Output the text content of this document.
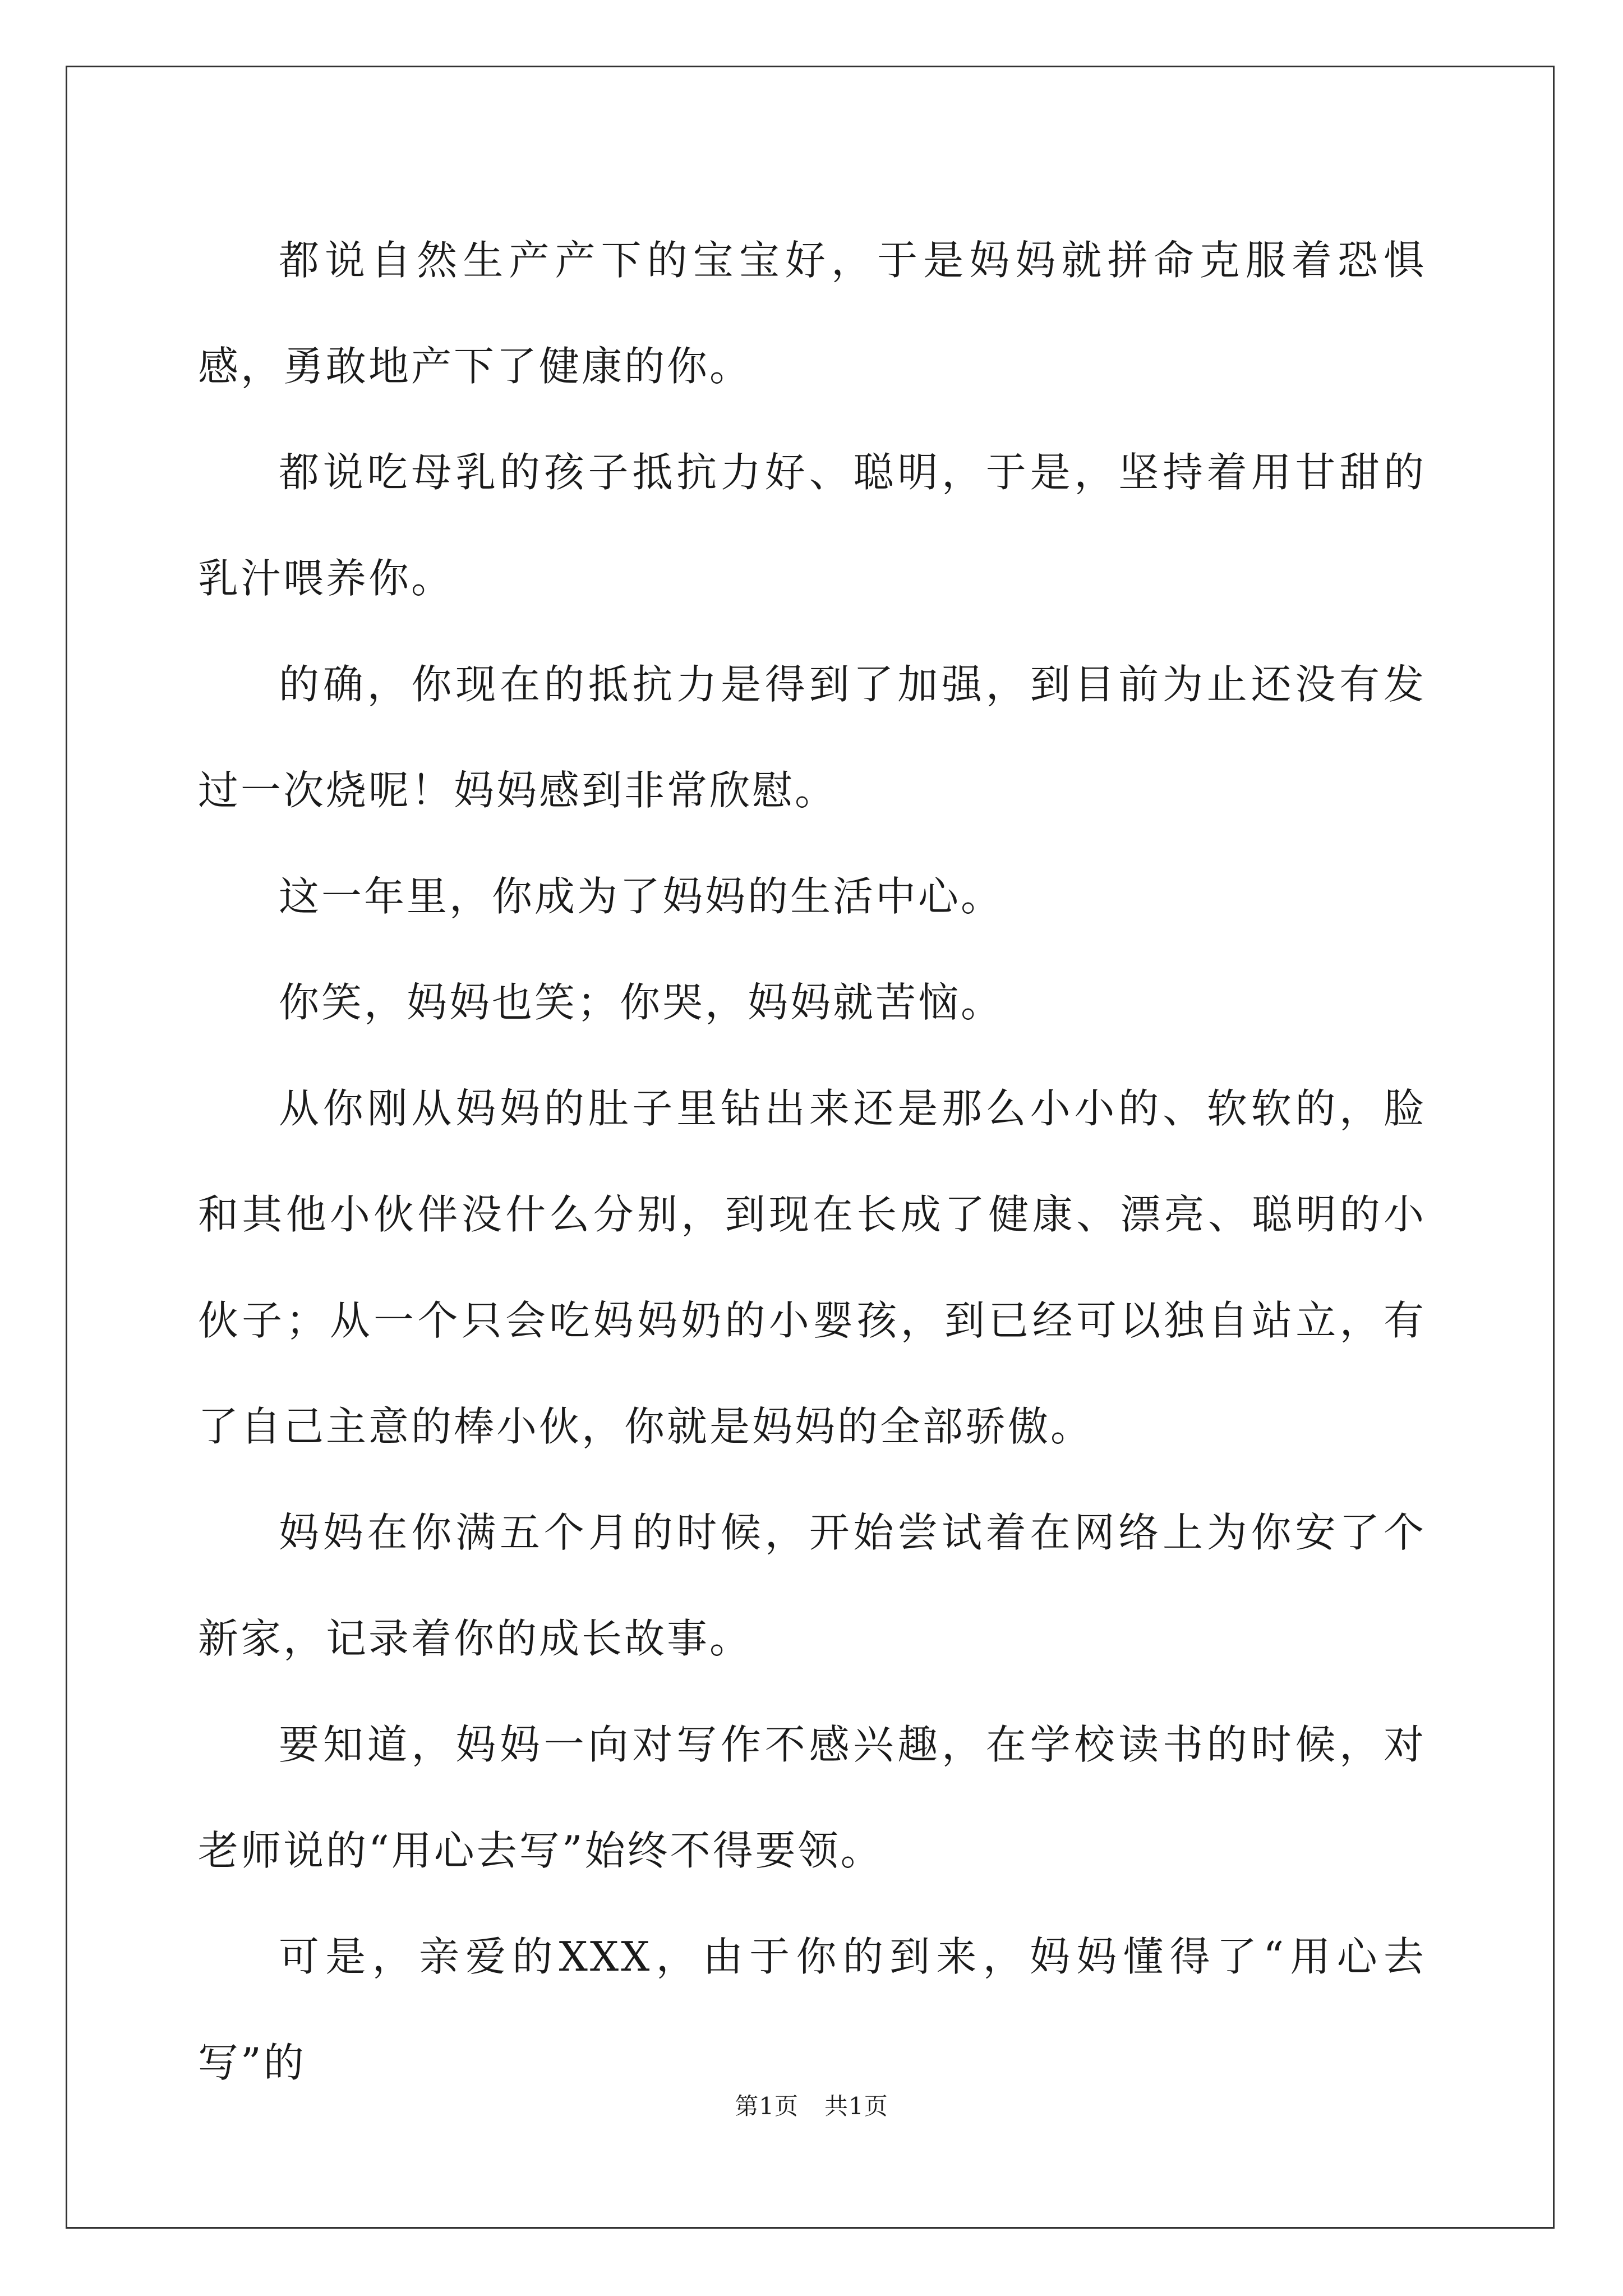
都说自然生产产下的宝宝好，于是妈妈就拼命克服着恐惧感，勇敢地产下了健康的你。

都说吃母乳的孩子抵抗力好、聪明，于是，坚持着用甘甜的乳汁喂养你。

的确，你现在的抵抗力是得到了加强，到目前为止还没有发过一次烧呢！妈妈感到非常欣慰。

这一年里，你成为了妈妈的生活中心。

你笑，妈妈也笑；你哭，妈妈就苦恼。

从你刚从妈妈的肚子里钻出来还是那么小小的、软软的，脸和其他小伙伴没什么分别，到现在长成了健康、漂亮、聪明的小伙子；从一个只会吃妈妈奶的小婴孩，到已经可以独自站立，有了自己主意的棒小伙，你就是妈妈的全部骄傲。

妈妈在你满五个月的时候，开始尝试着在网络上为你安了个新家，记录着你的成长故事。

要知道，妈妈一向对写作不感兴趣，在学校读书的时候，对老师说的“用心去写”始终不得要领。

可是，亲爱的XXX，由于你的到来，妈妈懂得了“用心去写”的

第1页 共1页
